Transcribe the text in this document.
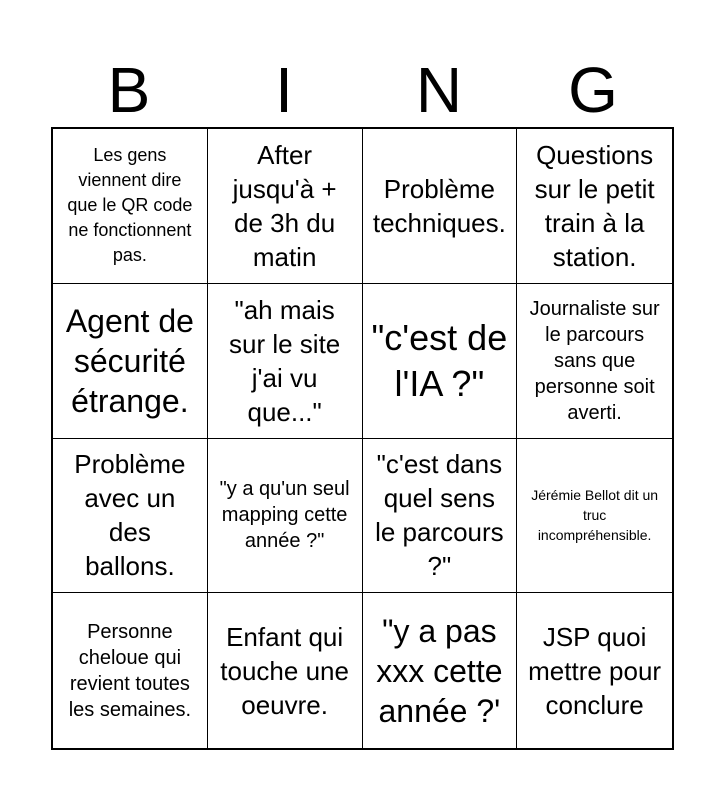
B	I	N	G
Les gens viennent dire que le QR code ne fonctionnent pas.
After jusqu'à + de 3h du matin
Problème techniques.
Questions sur le petit train à la station.
Agent de sécurité étrange.
"ah mais sur le site j'ai vu que..."
"c'est de l'IA ?"
Journaliste sur le parcours sans que personne soit averti.
Problème avec un des ballons.
"y a qu'un seul mapping cette année ?"
"c'est dans quel sens le parcours ?"
Jérémie Bellot dit un truc incompréhensible.
Personne cheloue qui revient toutes les semaines.
Enfant qui touche une oeuvre.
"y a pas xxx cette année ?'
JSP quoi mettre pour conclure
